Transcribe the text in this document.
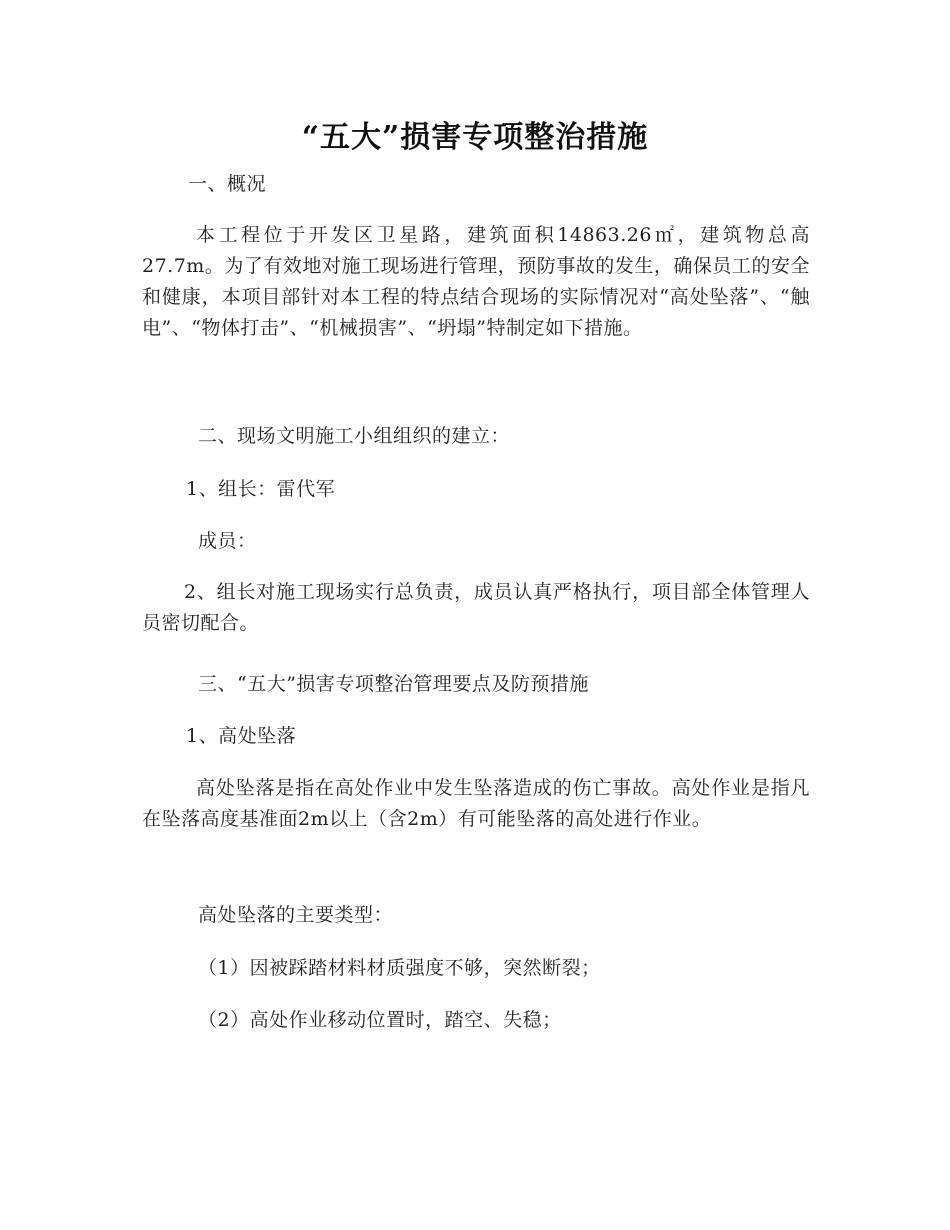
“五大”损害专项整治措施
一、概况
本工程位于开发区卫星路，建筑面积14863.26㎡，建筑物总高27.7m。为了有效地对施工现场进行管理，预防事故的发生，确保员工的安全和健康，本项目部针对本工程的特点结合现场的实际情况对“高处坠落”、“触电”、“物体打击”、“机械损害”、“坍塌”特制定如下措施。
二、现场文明施工小组组织的建立：
1、组长：雷代军
成员：
2、组长对施工现场实行总负责，成员认真严格执行，项目部全体管理人员密切配合。
三、“五大”损害专项整治管理要点及防预措施
1、高处坠落
高处坠落是指在高处作业中发生坠落造成的伤亡事故。高处作业是指凡在坠落高度基准面2m以上（含2m）有可能坠落的高处进行作业。
高处坠落的主要类型：
（1）因被踩踏材料材质强度不够，突然断裂；
（2）高处作业移动位置时，踏空、失稳；
